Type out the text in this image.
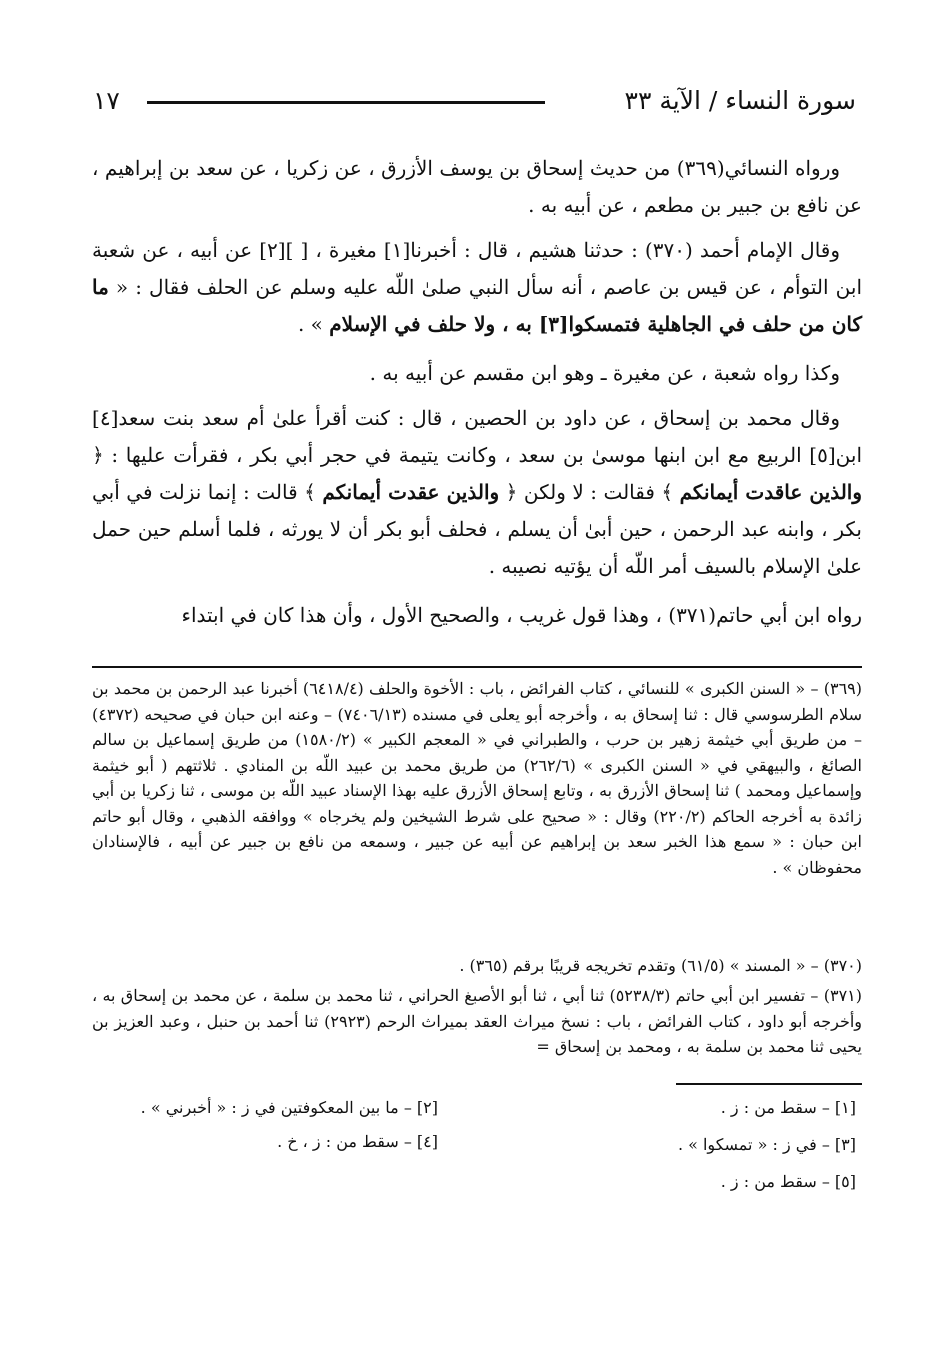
١٧	سورة النساء / الآية ٣٣
ورواه النسائي(٣٦٩) من حديث إسحاق بن يوسف الأزرق ، عن زكريا ، عن سعد بن إبراهيم ، عن نافع بن جبير بن مطعم ، عن أبيه به .
وقال الإمام أحمد (٣٧٠) : حدثنا هشيم ، قال : أخبرنا[١] مغيرة ، [ ][٢] عن أبيه ، عن شعبة ابن التوأم ، عن قيس بن عاصم ، أنه سأل النبي صلىٰ اللّه عليه وسلم عن الحلف فقال : « ما كان من حلف في الجاهلية فتمسكوا[٣] به ، ولا حلف في الإسلام » .
وكذا رواه شعبة ، عن مغيرة ـ وهو ابن مقسم عن أبيه به .
وقال محمد بن إسحاق ، عن داود بن الحصين ، قال : كنت أقرأ علىٰ أم سعد بنت سعد[٤] ابن[٥] الربيع مع ابن ابنها موسىٰ بن سعد ، وكانت يتيمة في حجر أبي بكر ، فقرأت عليها : ﴿ والذين عاقدت أيمانكم ﴾ فقالت : لا ولكن ﴿ والذين عقدت أيمانكم ﴾ قالت : إنما نزلت في أبي بكر ، وابنه عبد الرحمن ، حين أبىٰ أن يسلم ، فحلف أبو بكر أن لا يورثه ، فلما أسلم حين حمل علىٰ الإسلام بالسيف أمر اللّه أن يؤتيه نصيبه .
رواه ابن أبي حاتم(٣٧١) ، وهذا قول غريب ، والصحيح الأول ، وأن هذا كان في ابتداء
(٣٦٩) – « السنن الكبرى » للنسائي ، كتاب الفرائض ، باب : الأخوة والحلف (٦٤١٨/٤) أخبرنا عبد الرحمن بن محمد بن سلام الطرسوسي قال : ثنا إسحاق به ، وأخرجه أبو يعلى في مسنده (٧٤٠٦/١٣) – وعنه ابن حبان في صحيحه (٤٣٧٢) – من طريق أبي خيثمة زهير بن حرب ، والطبراني في « المعجم الكبير » (١٥٨٠/٢) من طريق إسماعيل بن سالم الصائغ ، والبيهقي في « السنن الكبرى » (٢٦٢/٦) من طريق محمد بن عبيد اللّه بن المنادي . ثلاثتهم ( أبو خيثمة وإسماعيل ومحمد ) ثنا إسحاق الأزرق به ، وتابع إسحاق الأزرق عليه بهذا الإسناد عبيد اللّه بن موسى ، ثنا زكريا بن أبي زائدة به أخرجه الحاكم (٢٢٠/٢) وقال : « صحيح على شرط الشيخين ولم يخرجاه » ووافقه الذهبي ، وقال أبو حاتم ابن حبان : « سمع هذا الخبر سعد بن إبراهيم عن أبيه عن جبير ، وسمعه من نافع بن جبير عن أبيه ، فالإسنادان محفوظان » .
(٣٧٠) – « المسند » (٦١/٥) وتقدم تخريجه قريبًا برقم (٣٦٥) .
(٣٧١) – تفسير ابن أبي حاتم (٥٢٣٨/٣) ثنا أبي ، ثنا أبو الأصبغ الحراني ، ثنا محمد بن سلمة ، عن محمد بن إسحاق به ، وأخرجه أبو داود ، كتاب الفرائض ، باب : نسخ ميراث العقد بميراث الرحم (٢٩٢٣) ثنا أحمد بن حنبل ، وعبد العزيز بن يحيى ثنا محمد بن سلمة به ، ومحمد بن إسحاق =
[١] – سقط من : ز .
[٢] – ما بين المعكوفتين في ز : « أخبرني » .
[٣] – في ز : « تمسكوا » .
[٤] – سقط من : ز ، خ .
[٥] – سقط من : ز .
